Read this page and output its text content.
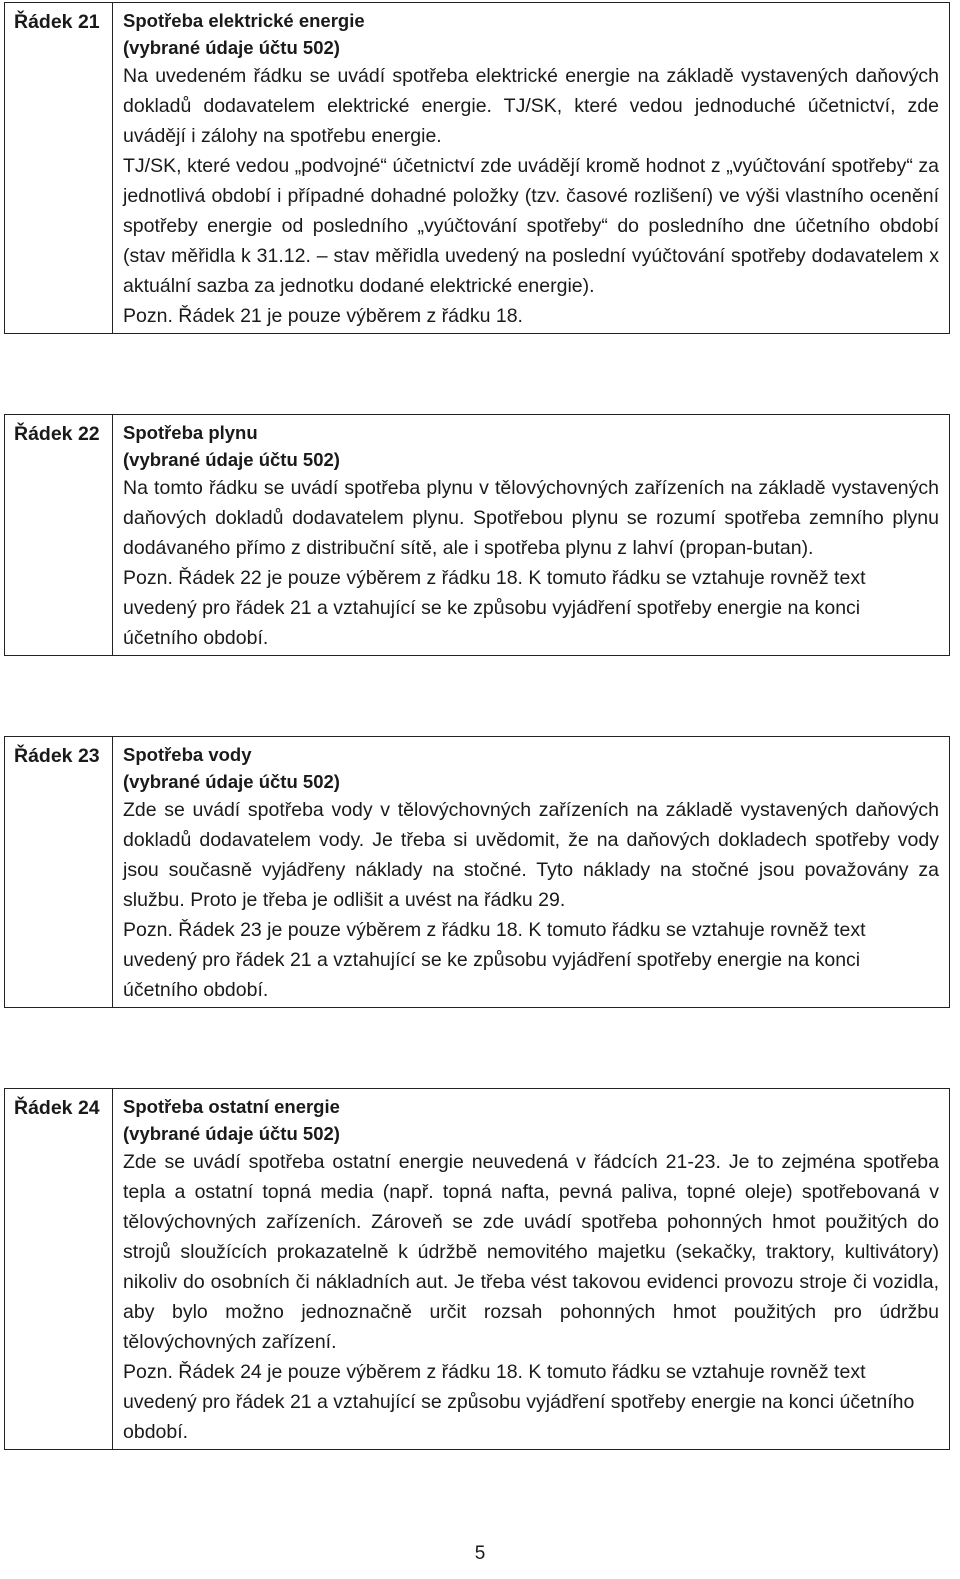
Řádek 21	Spotřeba elektrické energie
(vybrané údaje účtu 502)
Na uvedeném řádku se uvádí spotřeba elektrické energie na základě vystavených daňových dokladů dodavatelem elektrické energie. TJ/SK, které vedou jednoduché účetnictví, zde uvádějí i zálohy na spotřebu energie.
TJ/SK, které vedou „podvojné“ účetnictví zde uvádějí kromě hodnot z „vyúčtování spotřeby“ za jednotlivá období i případné dohadné položky (tzv. časové rozlišení) ve výši vlastního ocenění spotřeby energie od posledního „vyúčtování spotřeby“ do posledního dne účetního období (stav měřidla k 31.12. – stav měřidla uvedený na poslední vyúčtování spotřeby dodavatelem x aktuální sazba za jednotku dodané elektrické energie).
Pozn. Řádek 21 je pouze výběrem z řádku 18.
Řádek 22	Spotřeba plynu
(vybrané údaje účtu 502)
Na tomto řádku se uvádí spotřeba plynu v tělovýchovných zařízeních na základě vystavených daňových dokladů dodavatelem plynu. Spotřebou plynu se rozumí spotřeba zemního plynu dodávaného přímo z distribuční sítě, ale i spotřeba plynu z lahví (propan-butan).
Pozn. Řádek 22 je pouze výběrem z řádku 18. K tomuto řádku se vztahuje rovněž text uvedený pro řádek 21 a vztahující se ke způsobu vyjádření spotřeby energie na konci účetního období.
Řádek 23	Spotřeba vody
(vybrané údaje účtu 502)
Zde se uvádí spotřeba vody v tělovýchovných zařízeních na základě vystavených daňových dokladů dodavatelem vody. Je třeba si uvědomit, že na daňových dokladech spotřeby vody jsou současně vyjádřeny náklady na stočné. Tyto náklady na stočné jsou považovány za službu. Proto je třeba je odlišit a uvést na řádku 29.
Pozn. Řádek 23 je pouze výběrem z řádku 18. K tomuto řádku se vztahuje rovněž text uvedený pro řádek 21 a vztahující se ke způsobu vyjádření spotřeby energie na konci účetního období.
Řádek 24	Spotřeba ostatní energie
(vybrané údaje účtu 502)
Zde se uvádí spotřeba ostatní energie neuvedená v řádcích 21-23. Je to zejména spotřeba tepla a ostatní topná media (např. topná nafta, pevná paliva, topné oleje) spotřebovaná v tělovýchovných zařízeních. Zároveň se zde uvádí spotřeba pohonných hmot použitých do strojů sloužících prokazatelně k údržbě nemovitého majetku (sekačky, traktory, kultivátory) nikoliv do osobních či nákladních aut. Je třeba vést takovou evidenci provozu stroje či vozidla, aby bylo možno jednoznačně určit rozsah pohonných hmot použitých pro údržbu tělovýchovných zařízení.
Pozn. Řádek 24 je pouze výběrem z řádku 18. K tomuto řádku se vztahuje rovněž text uvedený pro řádek 21 a vztahující se způsobu vyjádření spotřeby energie na konci účetního období.
5
